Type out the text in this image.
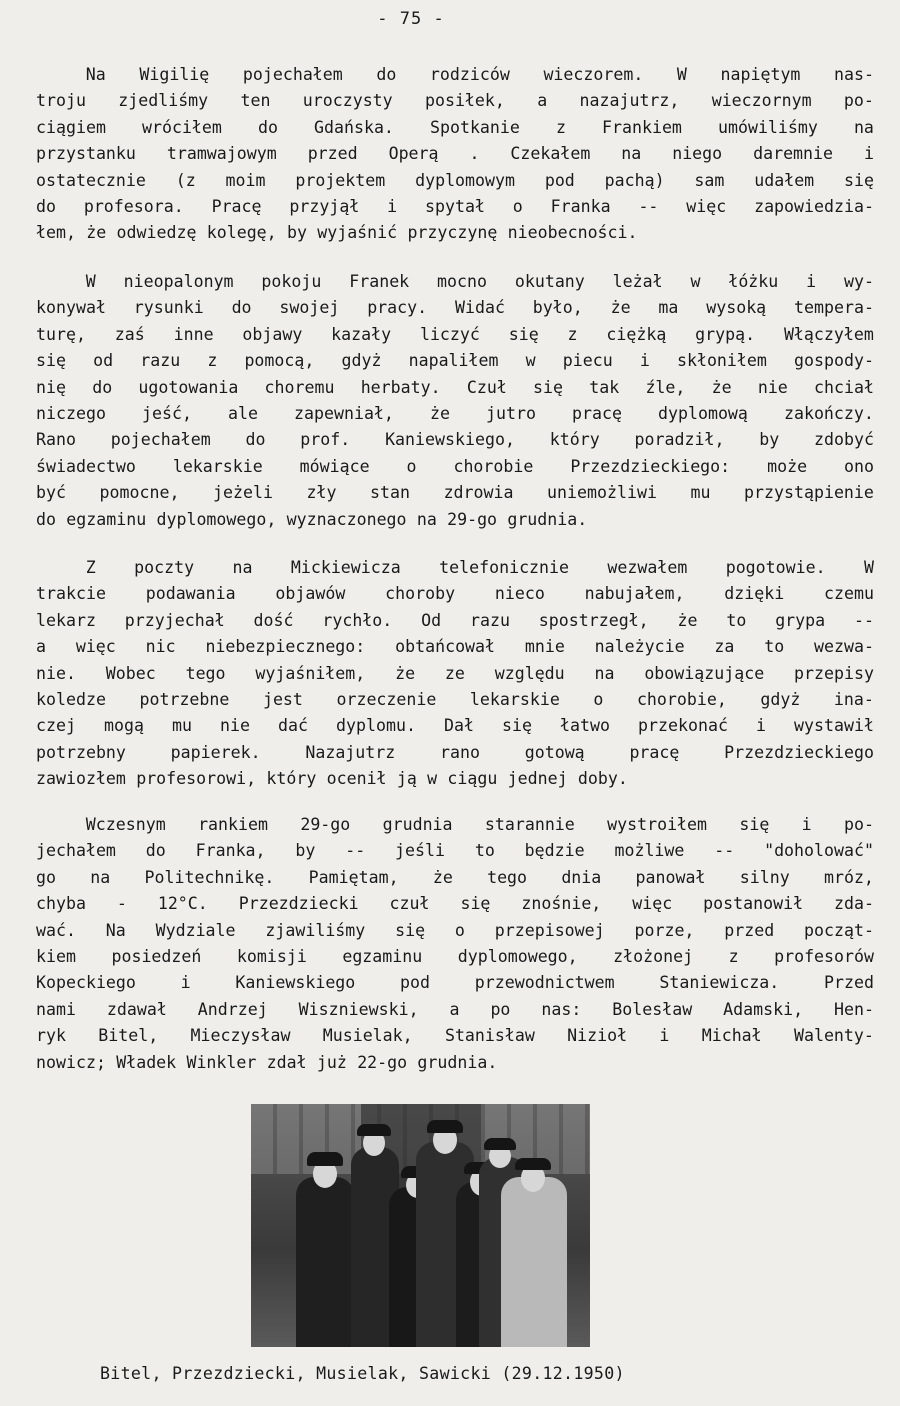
- 75 -
Na Wigilię pojechałem do rodziców wieczorem. W napiętym nas-
troju zjedliśmy ten uroczysty posiłek, a nazajutrz, wieczornym po-
ciągiem wróciłem do Gdańska. Spotkanie z Frankiem umówiliśmy na
przystanku tramwajowym przed Operą . Czekałem na niego daremnie i
ostatecznie (z moim projektem dyplomowym pod pachą) sam udałem się
do profesora. Pracę przyjął i spytał o Franka -- więc zapowiedzia-
łem, że odwiedzę kolegę, by wyjaśnić przyczynę nieobecności.
W nieopalonym pokoju Franek mocno okutany leżał w łóżku i wy-
konywał rysunki do swojej pracy. Widać było, że ma wysoką tempera-
turę, zaś inne objawy kazały liczyć się z ciężką grypą. Włączyłem
się od razu z pomocą, gdyż napaliłem w piecu i skłoniłem gospody-
nię do ugotowania choremu herbaty. Czuł się tak źle, że nie chciał
niczego jeść, ale zapewniał, że jutro pracę dyplomową zakończy.
Rano pojechałem do prof. Kaniewskiego, który poradził, by zdobyć
świadectwo lekarskie mówiące o chorobie Przezdzieckiego: może ono
być pomocne, jeżeli zły stan zdrowia uniemożliwi mu przystąpienie
do egzaminu dyplomowego, wyznaczonego na 29-go grudnia.
Z poczty na Mickiewicza telefonicznie wezwałem pogotowie. W
trakcie podawania objawów choroby nieco nabujałem, dzięki czemu
lekarz przyjechał dość rychło. Od razu spostrzegł, że to grypa --
a więc nic niebezpiecznego: obtańcował mnie należycie za to wezwa-
nie. Wobec tego wyjaśniłem, że ze względu na obowiązujące przepisy
koledze potrzebne jest orzeczenie lekarskie o chorobie, gdyż ina-
czej mogą mu nie dać dyplomu. Dał się łatwo przekonać i wystawił
potrzebny	papierek.	Nazajutrz	rano	gotową	pracę	Przezdzieckiego
zawiozłem profesorowi, który ocenił ją w ciągu jednej doby.
Wczesnym rankiem 29-go grudnia starannie wystroiłem się i po-
jechałem do Franka, by -- jeśli to będzie możliwe -- "doholować"
go na Politechnikę. Pamiętam, że tego dnia panował silny mróz,
chyba - 12°C. Przezdziecki czuł się znośnie, więc postanowił zda-
wać. Na Wydziale zjawiliśmy się o przepisowej porze, przed począt-
kiem posiedzeń komisji egzaminu dyplomowego, złożonej z profesorów
Kopeckiego	i	Kaniewskiego	pod	przewodnictwem	Staniewicza.	Przed
nami zdawał Andrzej Wiszniewski, a po nas: Bolesław Adamski, Hen-
ryk Bitel, Mieczysław Musielak, Stanisław Nizioł i Michał Walenty-
nowicz; Władek Winkler zdał już 22-go grudnia.
Bitel, Przezdziecki, Musielak, Sawicki (29.12.1950)
